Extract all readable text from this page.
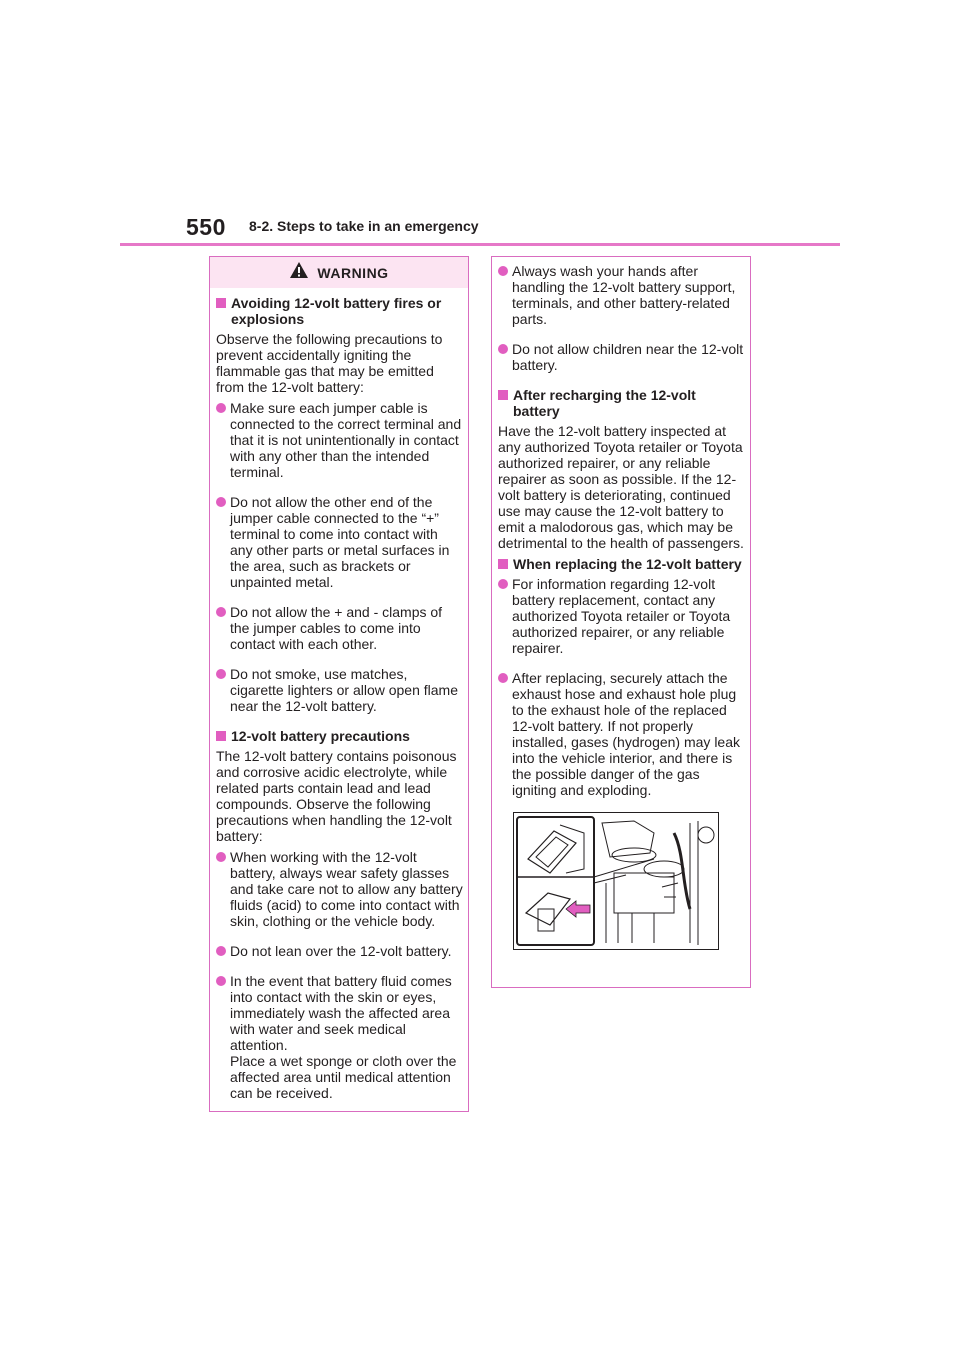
550 8-2. Steps to take in an emergency
WARNING
Avoiding 12-volt battery fires or explosions
Observe the following precautions to prevent accidentally igniting the flammable gas that may be emitted from the 12-volt battery:
Make sure each jumper cable is connected to the correct terminal and that it is not unintentionally in contact with any other than the intended terminal.
Do not allow the other end of the jumper cable connected to the “+” terminal to come into contact with any other parts or metal surfaces in the area, such as brackets or unpainted metal.
Do not allow the + and - clamps of the jumper cables to come into contact with each other.
Do not smoke, use matches, cigarette lighters or allow open flame near the 12-volt battery.
12-volt battery precautions
The 12-volt battery contains poisonous and corrosive acidic electrolyte, while related parts contain lead and lead compounds. Observe the following precautions when handling the 12-volt battery:
When working with the 12-volt battery, always wear safety glasses and take care not to allow any battery fluids (acid) to come into contact with skin, clothing or the vehicle body.
Do not lean over the 12-volt battery.
In the event that battery fluid comes into contact with the skin or eyes, immediately wash the affected area with water and seek medical attention.
Place a wet sponge or cloth over the affected area until medical attention can be received.
Always wash your hands after handling the 12-volt battery support, terminals, and other battery-related parts.
Do not allow children near the 12-volt battery.
After recharging the 12-volt battery
Have the 12-volt battery inspected at any authorized Toyota retailer or Toyota authorized repairer, or any reliable repairer as soon as possible. If the 12-volt battery is deteriorating, continued use may cause the 12-volt battery to emit a malodorous gas, which may be detrimental to the health of passengers.
When replacing the 12-volt battery
For information regarding 12-volt battery replacement, contact any authorized Toyota retailer or Toyota authorized repairer, or any reliable repairer.
After replacing, securely attach the exhaust hose and exhaust hole plug to the exhaust hole of the replaced 12-volt battery. If not properly installed, gases (hydrogen) may leak into the vehicle interior, and there is the possible danger of the gas igniting and exploding.
